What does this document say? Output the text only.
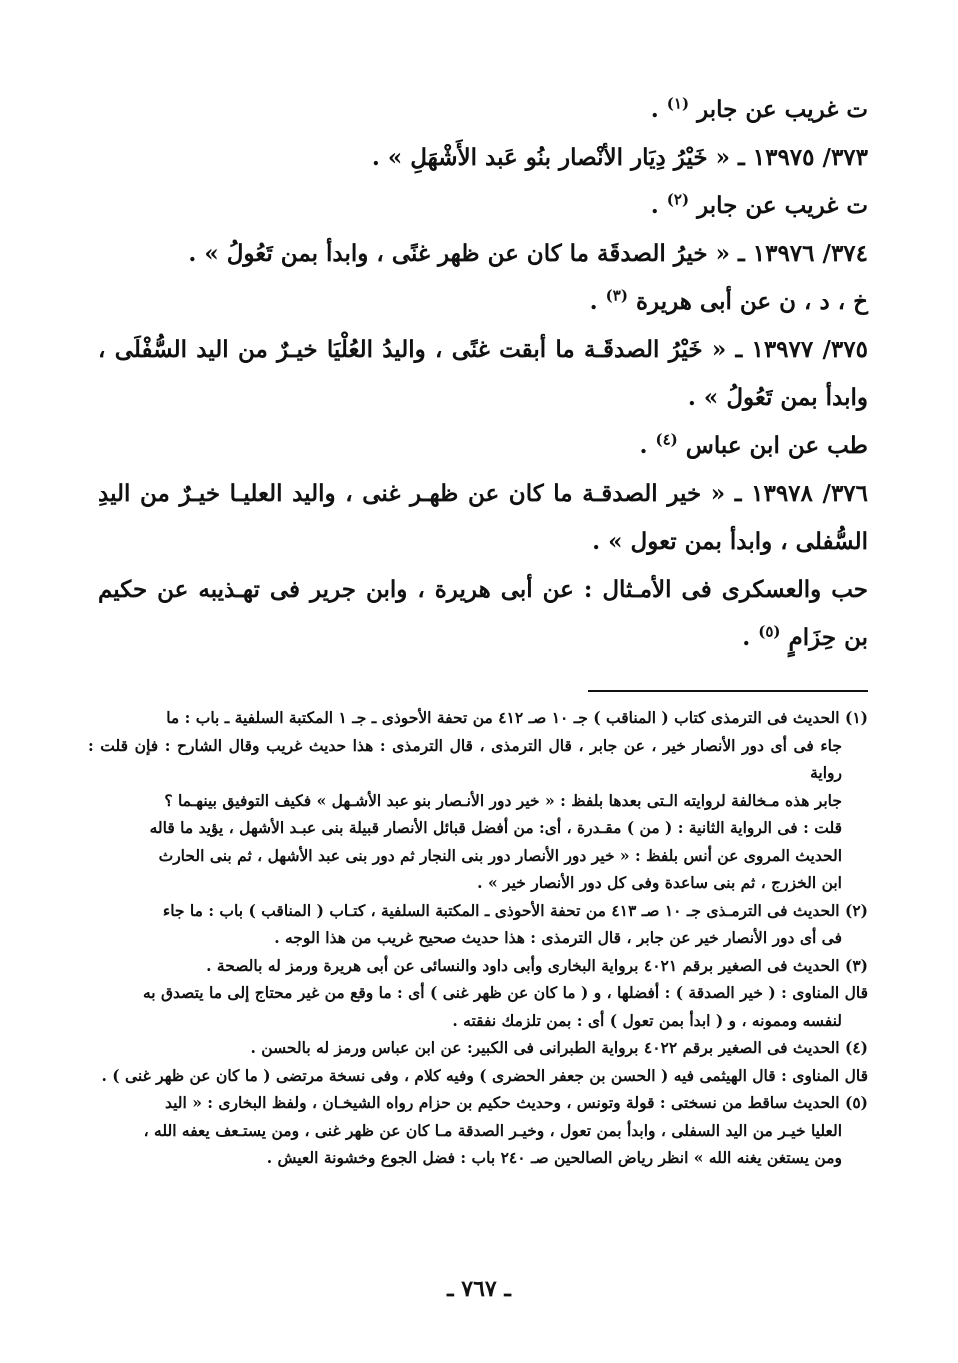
ت غريب عن جابر $^{(١)}$ .

٣٧٣/ ١٣٩٧٥ ـ « خَيْرُ دِيَار الأنْصار بنُو عَبد الأَشْهَلِ » .

ت غريب عن جابر $^{(٢)}$ .

٣٧٤/ ١٣٩٧٦ ـ « خيرُ الصدقَة ما كان عن ظهر غنًى ، وابدأ بمن تَعُولُ » .

خ ، د ، ن عن أبى هريرة $^{(٣)}$ .

٣٧٥/ ١٣٩٧٧ ـ « خَيْرُ الصدقَـة ما أبقت غنًى ، واليدُ العُلْيَا خيـرٌ من اليد السُّفْلَى ، وابدأ بمن تَعُولُ » .

طب عن ابن عباس $^{(٤)}$ .

٣٧٦/ ١٣٩٧٨ ـ « خير الصدقـة ما كان عن ظهـر غنى ، واليد العليـا خيـرٌ من اليدِ السُّفلى ، وابدأ بمن تعول » .

حب والعسكرى فى الأمـثال : عن أبى هريرة ، وابن جرير فى تهـذيبه عن حكيم بن حِزَامٍ $^{(٥)}$ .

(١) الحديث فى الترمذى كتاب ( المناقب ) جـ ١٠ صـ ٤١٢ من تحفة الأحوذى ـ جـ ١ المكتبة السلفية ـ باب : ما
جاء فى أى دور الأنصار خير ، عن جابر ، قال الترمذى ، قال الترمذى : هذا حديث غريب وقال الشارح : فإن قلت : رواية
جابر هذه مـخالفة لروايته الـتى بعدها بلفظ : « خير دور الأنـصار بنو عبد الأشـهل » فكيف التوفيق بينهـما ؟
قلت : فى الرواية الثانية : ( من ) مقـدرة ، أى: من أفضل قبائل الأنصار قبيلة بنى عبـد الأشهل ، يؤيد ما قاله
الحديث المروى عن أنس بلفظ : « خير دور الأنصار دور بنى النجار ثم دور بنى عبد الأشهل ، ثم بنى الحارث
ابن الخزرج ، ثم بنى ساعدة وفى كل دور الأنصار خير » .
(٢) الحديث فى الترمـذى جـ ١٠ صـ ٤١٣ من تحفة الأحوذى ـ المكتبة السلفية ، كتـاب ( المناقب ) باب : ما جاء
فى أى دور الأنصار خير عن جابر ، قال الترمذى : هذا حديث صحيح غريب من هذا الوجه .
(٣) الحديث فى الصغير برقم ٤٠٢١ برواية البخارى وأبى داود والنسائى عن أبى هريرة ورمز له بالصحة .
قال المناوى : ( خير الصدقة ) : أفضلها ، و ( ما كان عن ظهر غنى ) أى : ما وقع من غير محتاج إلى ما يتصدق به
لنفسه وممونه ، و ( ابدأ بمن تعول ) أى : بمن تلزمك نفقته .
(٤) الحديث فى الصغير برقم ٤٠٢٢ برواية الطبرانى فى الكبير: عن ابن عباس ورمز له بالحسن .
قال المناوى : قال الهيثمى فيه ( الحسن بن جعفر الحضرى ) وفيه كلام ، وفى نسخة مرتضى ( ما كان عن ظهر غنى ) .
(٥) الحديث ساقط من نسختى : قولة وتونس ، وحديث حكيم بن حزام رواه الشيخـان ، ولفظ البخارى : « اليد
العليا خيـر من اليد السفلى ، وابدأ بمن تعول ، وخيـر الصدقة مـا كان عن ظهر غنى ، ومن يستـعف يعفه الله ،
ومن يستغن يغنه الله » انظر رياض الصالحين صـ ٢٤٠ باب : فضل الجوع وخشونة العيش .
ـ ٧٦٧ ـ
